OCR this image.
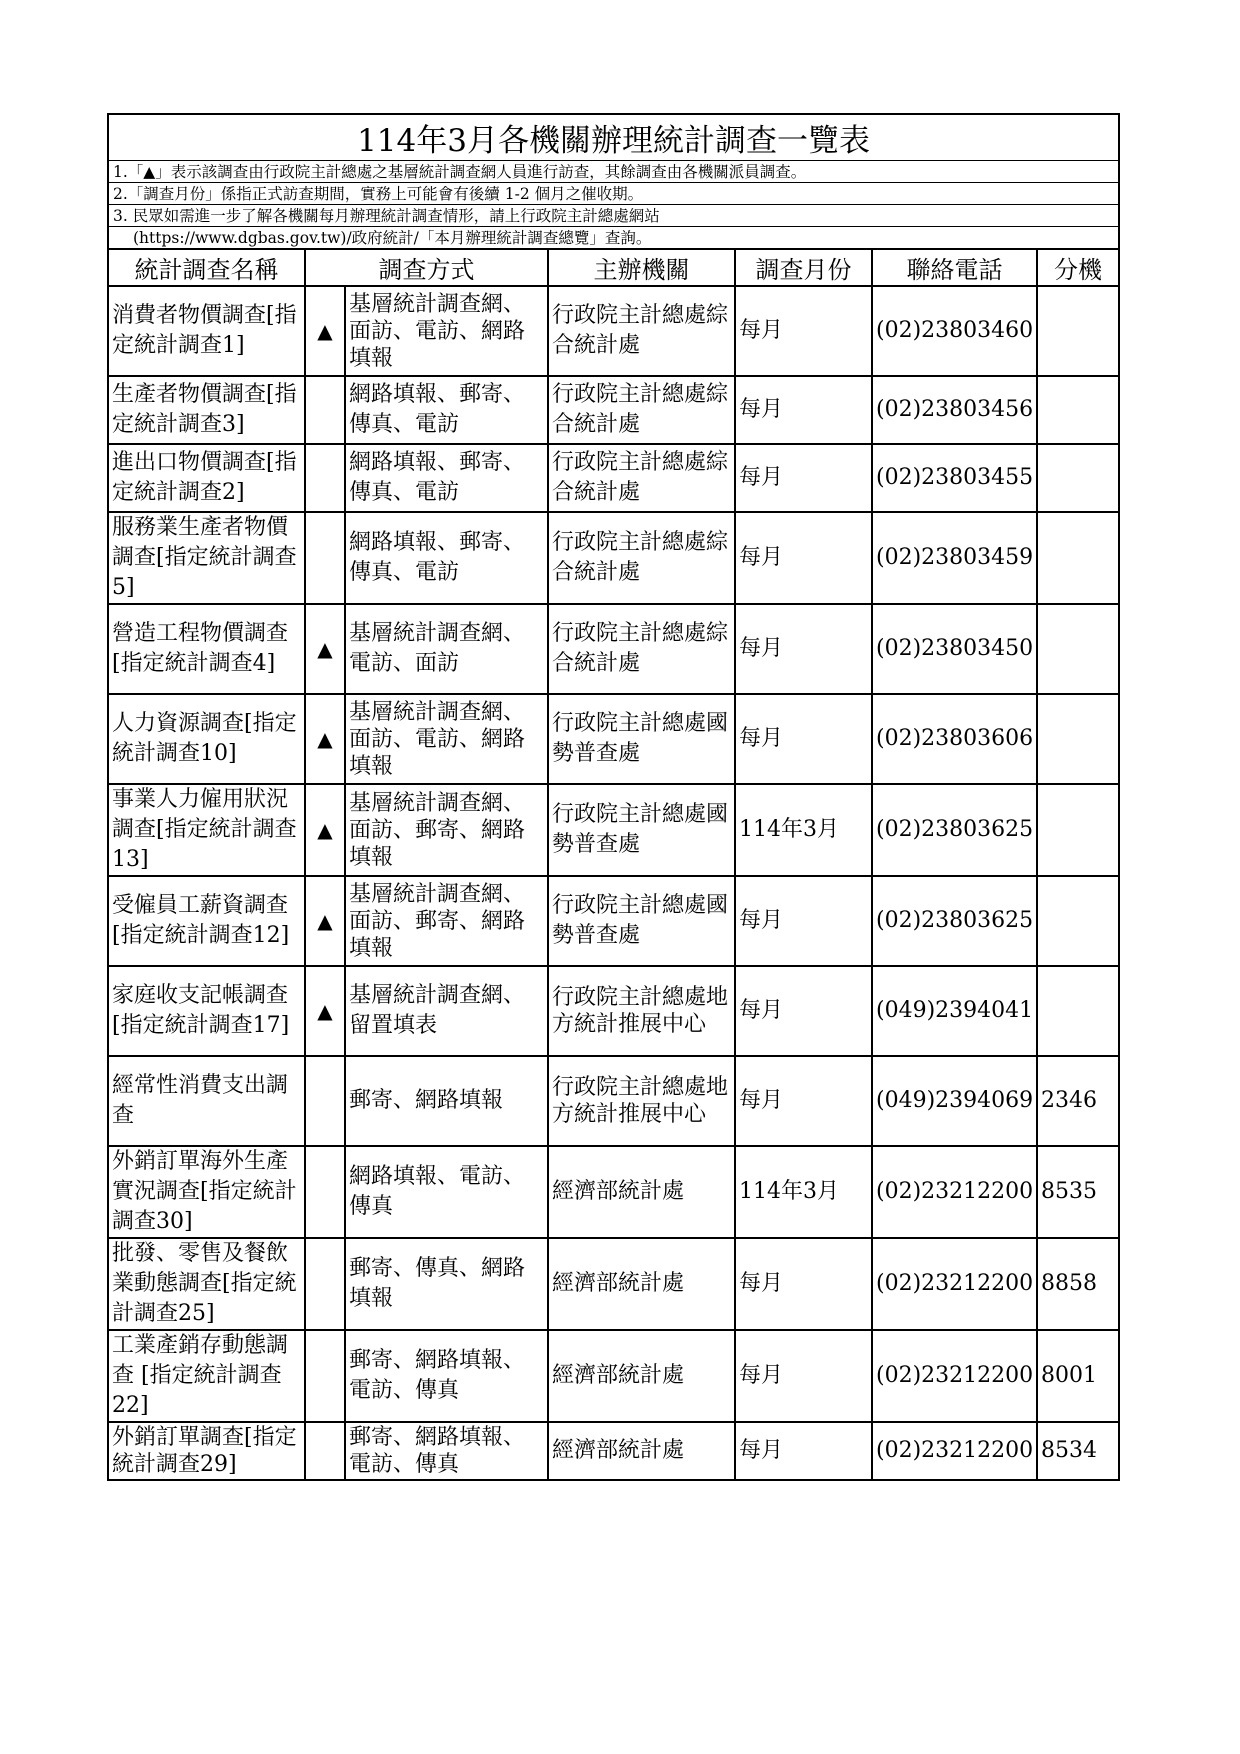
114年3月各機關辦理統計調查一覽表						
1.「▲」表示該調查由行政院主計總處之基層統計調查網人員進行訪查，其餘調查由各機關派員調查。						
2.「調查月份」係指正式訪查期間，實務上可能會有後續 1-2 個月之催收期。						
3. 民眾如需進一步了解各機關每月辦理統計調查情形，請上行政院主計總處網站						
(https://www.dgbas.gov.tw)/政府統計/「本月辦理統計調查總覽」查詢。						
統計調查名稱	調查方式		主辦機關	調查月份	聯絡電話	分機
消費者物價調查[指定統計調查1]	▲	基層統計調查網、面訪、電訪、網路填報	行政院主計總處綜合統計處	每月	(02)23803460	
生產者物價調查[指定統計調查3]		網路填報、郵寄、傳真、電訪	行政院主計總處綜合統計處	每月	(02)23803456	
進出口物價調查[指定統計調查2]		網路填報、郵寄、傳真、電訪	行政院主計總處綜合統計處	每月	(02)23803455	
服務業生產者物價調查[指定統計調查5]		網路填報、郵寄、傳真、電訪	行政院主計總處綜合統計處	每月	(02)23803459	
營造工程物價調查 [指定統計調查4]	▲	基層統計調查網、電訪、面訪	行政院主計總處綜合統計處	每月	(02)23803450	
人力資源調查[指定統計調查10]	▲	基層統計調查網、面訪、電訪、網路填報	行政院主計總處國勢普查處	每月	(02)23803606	
事業人力僱用狀況調查[指定統計調查13]	▲	基層統計調查網、面訪、郵寄、網路填報	行政院主計總處國勢普查處	114年3月	(02)23803625	
受僱員工薪資調查 [指定統計調查12]	▲	基層統計調查網、面訪、郵寄、網路填報	行政院主計總處國勢普查處	每月	(02)23803625	
家庭收支記帳調查[指定統計調查17]	▲	基層統計調查網、留置填表	行政院主計總處地方統計推展中心	每月	(049)2394041	
經常性消費支出調查		郵寄、網路填報	行政院主計總處地方統計推展中心	每月	(049)2394069	2346
外銷訂單海外生產實況調查[指定統計調查30]		網路填報、電訪、傳真	經濟部統計處	114年3月	(02)23212200	8535
批發、零售及餐飲業動態調查[指定統計調查25]		郵寄、傳真、網路填報	經濟部統計處	每月	(02)23212200	8858
工業產銷存動態調查 [指定統計調查22]		郵寄、網路填報、電訪、傳真	經濟部統計處	每月	(02)23212200	8001
外銷訂單調查[指定統計調查29]		郵寄、網路填報、電訪、傳真	經濟部統計處	每月	(02)23212200	8534
